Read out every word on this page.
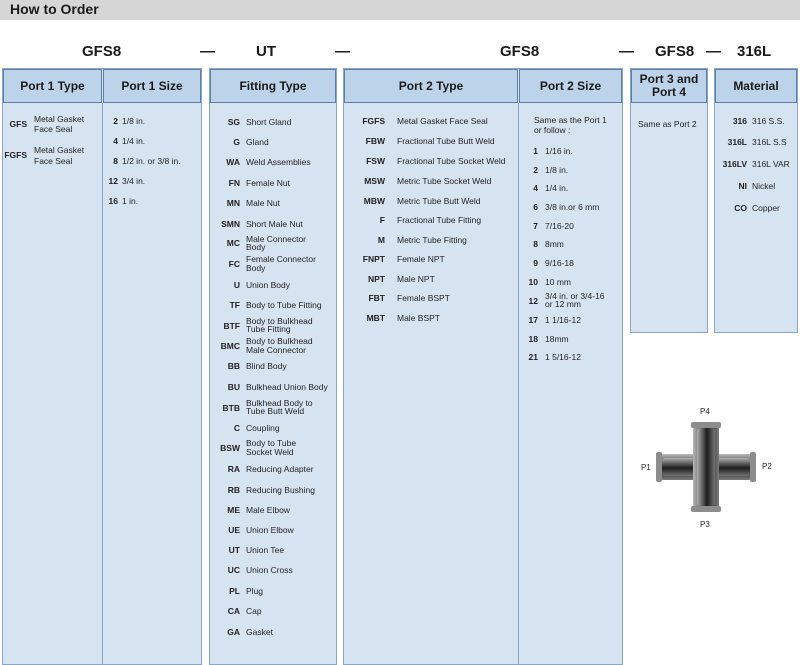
How to Order
GFS8	—	UT	—	GFS8	— GFS8 — 316L
Port 1 Type	Port 1 Size	Fitting Type	Port 2 Type	Port 2 Size	Port 3 and
Port 4	Material
GFS Metal Gasket
Face Seal
FGFS Metal Gasket
Face Seal
2 1/8 in.
4 1/4 in.
8 1/2 in. or 3/8 in.
12 3/4 in.
16 1 in.
SG Short Gland
G Gland
WA Weld Assemblies
FN Female Nut
MN Male Nut
SMN Short Male Nut
MC Male Connector
Body
FC Female Connector
Body
U Union Body
TF Body to Tube Fitting
BTF Body to Bulkhead
Tube Fitting
BMC Body to Bulkhead
Male Connector
BB Blind Body
BU Bulkhead Union Body
BTB Bulkhead Body to
Tube Butt Weld
C Coupling
BSW Body to Tube
Socket Weld
RA Reducing Adapter
RB Reducing Bushing
ME Male Elbow
UE Union Elbow
UT Union Tee
UC Union Cross
PL Plug
CA Cap
GA Gasket
FGFS Metal Gasket Face Seal
FBW Fractional Tube Butt Weld
FSW Fractional Tube Socket Weld
MSW Metric Tube Socket Weld
MBW Metric Tube Butt Weld
F Fractional Tube Fitting
M Metric Tube Fitting
FNPT Female NPT
NPT Male NPT
FBT Female BSPT
MBT Male BSPT
Same as the Port 1
or follow :
1 1/16 in.
2 1/8 in.
4 1/4 in.
6 3/8 in.or 6 mm
7 7/16-20
8 8mm
9 9/16-18
10 10 mm
12 3/4 in. or 3/4-16
or 12 mm
17 1 1/16-12
18 18mm
21 1 5/16-12
Same as Port 2	316 316 S.S.
316L 316L S.S
316LV 316L VAR
NI Nickel
CO Copper
P4
P1	P2
P3
